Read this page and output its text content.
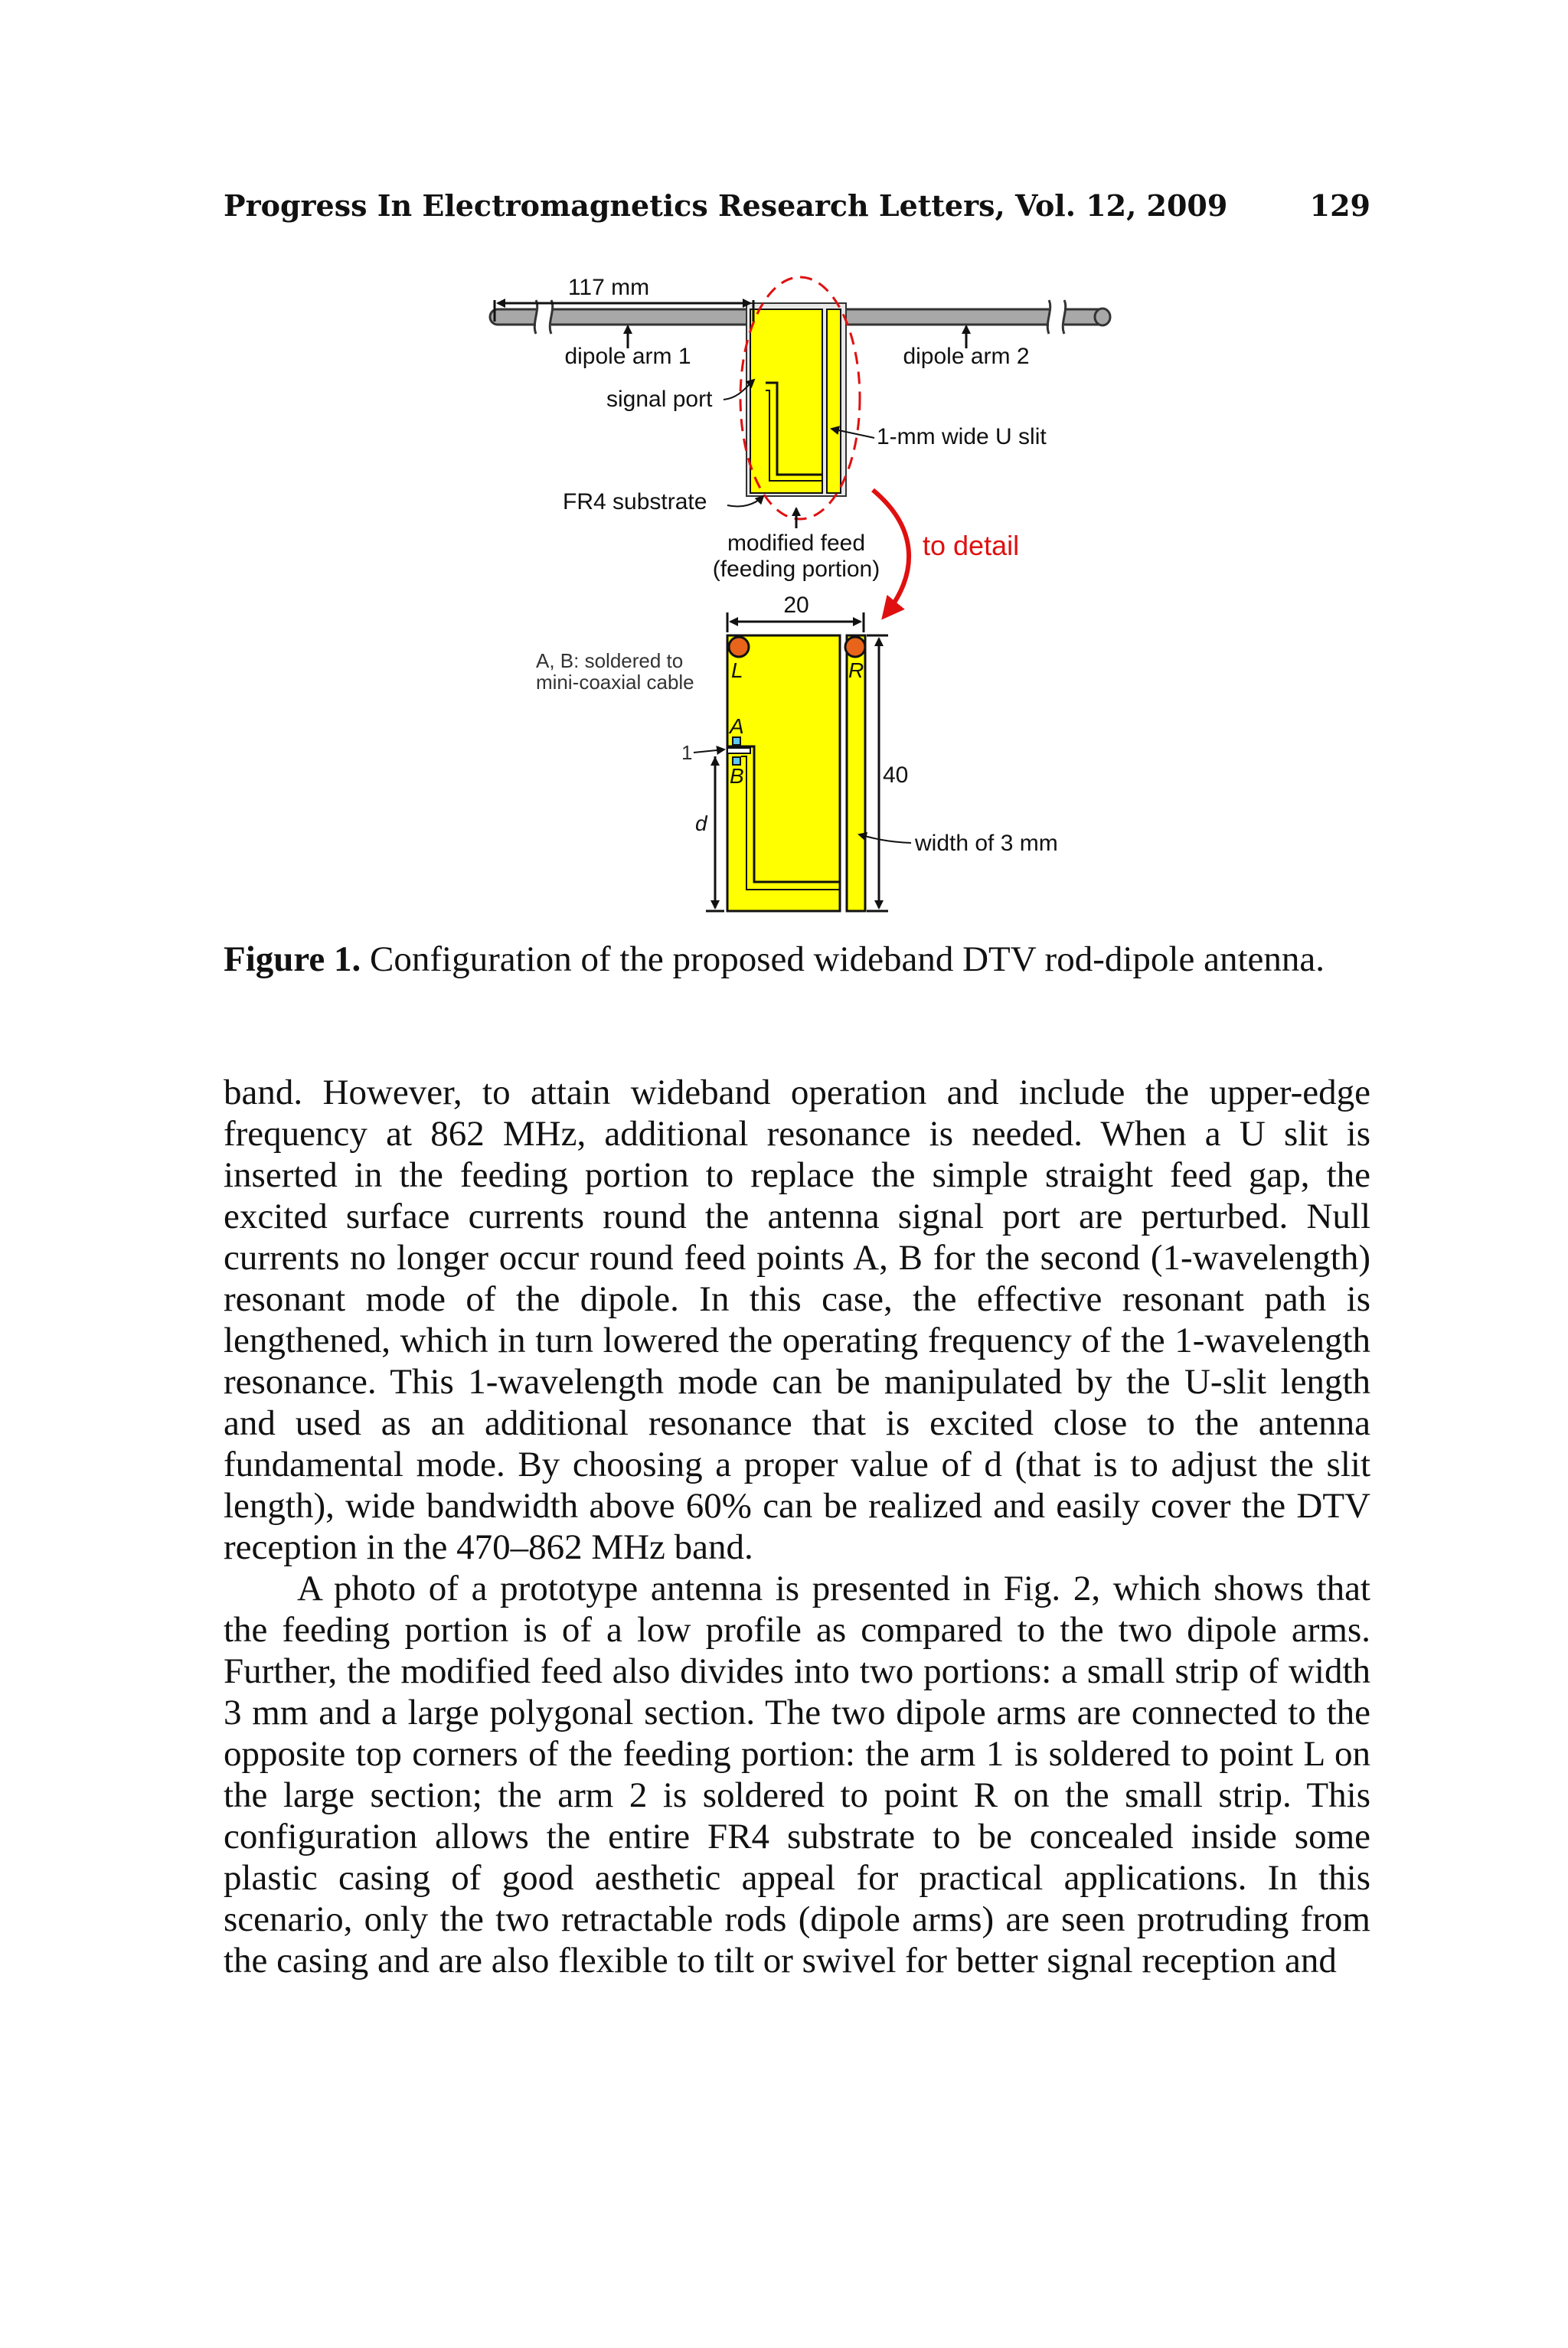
Progress In Electromagnetics Research Letters, Vol. 12, 2009	129
117 mm
dipole arm 1	dipole arm 2
signal port
1-mm wide U slit
FR4 substrate
modified feed
(feeding portion)
to detail
20
L	R
A
B
1
d
40
width of 3 mm
A, B: soldered to
mini-coaxial cable
Figure 1. Configuration of the proposed wideband DTV rod-dipole antenna.

band. However, to attain wideband operation and include the upper-edge frequency at 862 MHz, additional resonance is needed. When a U slit is inserted in the feeding portion to replace the simple straight feed gap, the excited surface currents round the antenna signal port are perturbed. Null currents no longer occur round feed points A, B for the second (1-wavelength) resonant mode of the dipole. In this case, the effective resonant path is lengthened, which in turn lowered the operating frequency of the 1-wavelength resonance. This 1-wavelength mode can be manipulated by the U-slit length and used as an additional resonance that is excited close to the antenna fundamental mode. By choosing a proper value of d (that is to adjust the slit length), wide bandwidth above 60% can be realized and easily cover the DTV reception in the 470–862 MHz band.

A photo of a prototype antenna is presented in Fig. 2, which shows that the feeding portion is of a low profile as compared to the two dipole arms. Further, the modified feed also divides into two portions: a small strip of width 3 mm and a large polygonal section. The two dipole arms are connected to the opposite top corners of the feeding portion: the arm 1 is soldered to point L on the large section; the arm 2 is soldered to point R on the small strip. This configuration allows the entire FR4 substrate to be concealed inside some plastic casing of good aesthetic appeal for practical applications. In this scenario, only the two retractable rods (dipole arms) are seen protruding from the casing and are also flexible to tilt or swivel for better signal reception and
